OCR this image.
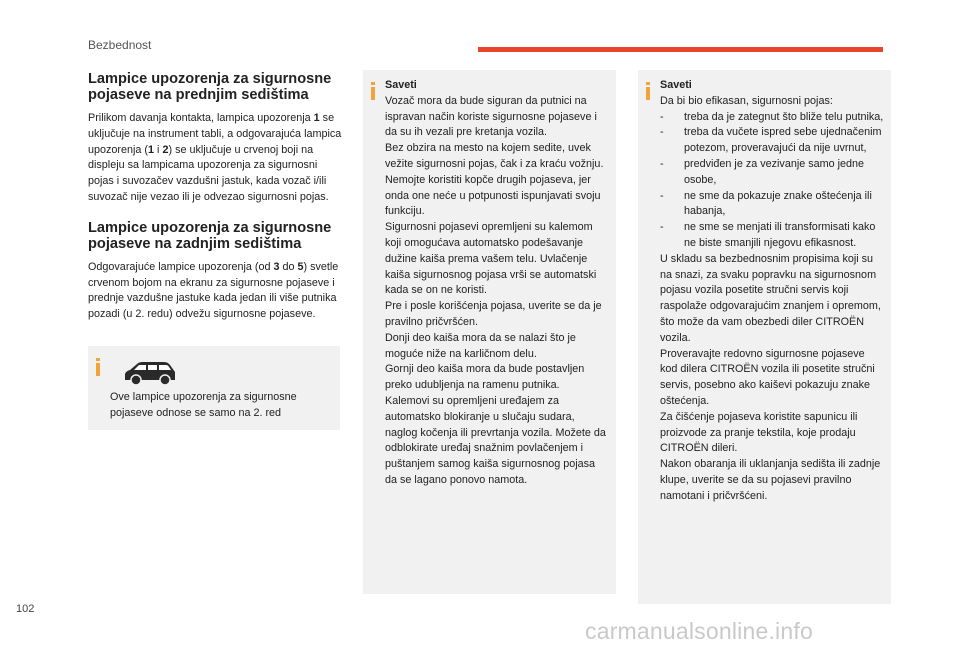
Bezbednost
Lampice upozorenja za sigurnosne pojaseve na prednjim sedištima

Prilikom davanja kontakta, lampica upozorenja 1 se uključuje na instrument tabli, a odgovarajuća lampica upozorenja (1 i 2) se uključuje u crvenoj boji na displeju sa lampicama upozorenja za sigurnosni pojas i suvozačev vazdušni jastuk, kada vozač i/ili suvozač nije vezao ili je odvezao sigurnosni pojas.

Lampice upozorenja za sigurnosne pojaseve na zadnjim sedištima

Odgovarajuće lampice upozorenja (od 3 do 5) svetle crvenom bojom na ekranu za sigurnosne pojaseve i prednje vazdušne jastuke kada jedan ili više putnika pozadi (u 2. redu) odvežu sigurnosne pojaseve.

Ove lampice upozorenja za sigurnosne pojaseve odnose se samo na 2. red
Saveti
Vozač mora da bude siguran da putnici na ispravan način koriste sigurnosne pojaseve i da su ih vezali pre kretanja vozila.
Bez obzira na mesto na kojem sedite, uvek vežite sigurnosni pojas, čak i za kraću vožnju.
Nemojte koristiti kopče drugih pojaseva, jer onda one neće u potpunosti ispunjavati svoju funkciju.
Sigurnosni pojasevi opremljeni su kalemom koji omogućava automatsko podešavanje dužine kaiša prema vašem telu. Uvlačenje kaiša sigurnosnog pojasa vrši se automatski kada se on ne koristi.
Pre i posle korišćenja pojasa, uverite se da je pravilno pričvršćen.
Donji deo kaiša mora da se nalazi što je moguće niže na karličnom delu.
Gornji deo kaiša mora da bude postavljen preko udubljenja na ramenu putnika.
Kalemovi su opremljeni uređajem za automatsko blokiranje u slučaju sudara, naglog kočenja ili prevrtanja vozila. Možete da odblokirate uređaj snažnim povlačenjem i puštanjem samog kaiša sigurnosnog pojasa da se lagano ponovo namota.
Saveti
Da bi bio efikasan, sigurnosni pojas:
-	treba da je zategnut što bliže telu putnika,
-	treba da vučete ispred sebe ujednačenim potezom, proveravajući da nije uvrnut,
-	predviđen je za vezivanje samo jedne osobe,
-	ne sme da pokazuje znake oštećenja ili habanja,
-	ne sme se menjati ili transformisati kako ne biste smanjili njegovu efikasnost.
U skladu sa bezbednosnim propisima koji su na snazi, za svaku popravku na sigurnosnom pojasu vozila posetite stručni servis koji raspolaže odgovarajućim znanjem i opremom, što može da vam obezbedi diler CITROËN vozila.
Proveravajte redovno sigurnosne pojaseve kod dilera CITROËN vozila ili posetite stručni servis, posebno ako kaiševi pokazuju znake oštećenja.
Za čišćenje pojaseva koristite sapunicu ili proizvode za pranje tekstila, koje prodaju CITROËN dileri.
Nakon obaranja ili uklanjanja sedišta ili zadnje klupe, uverite se da su pojasevi pravilno namotani i pričvršćeni.
102
carmanualsonline.info
